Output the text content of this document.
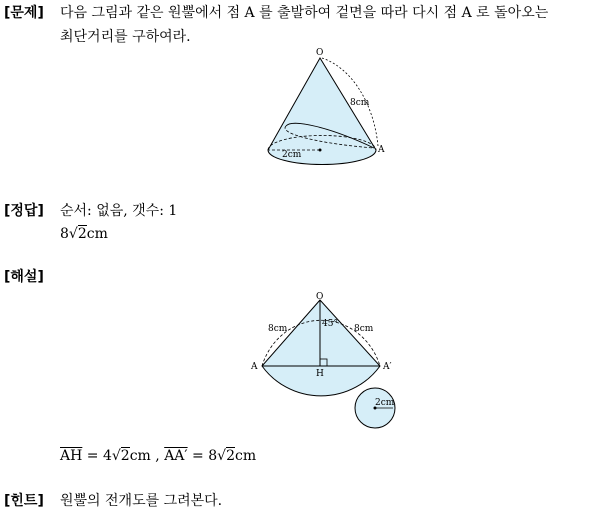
[문제] 다음 그림과 같은 원뿔에서 점 A 를 출발하여 겉면을 따라 다시 점 A 로 돌아오는
최단거리를 구하여라.
O
A
8cm
2cm
[정답] 순서: 없음, 갯수: 1
8√2cm
[해설]
O
A	A′
H
45°
8cm	8cm
2cm
$\overline{AH} = 4√2cm$ , AA′ = 8√2cm
[힌트] 원뿔의 전개도를 그려본다.
